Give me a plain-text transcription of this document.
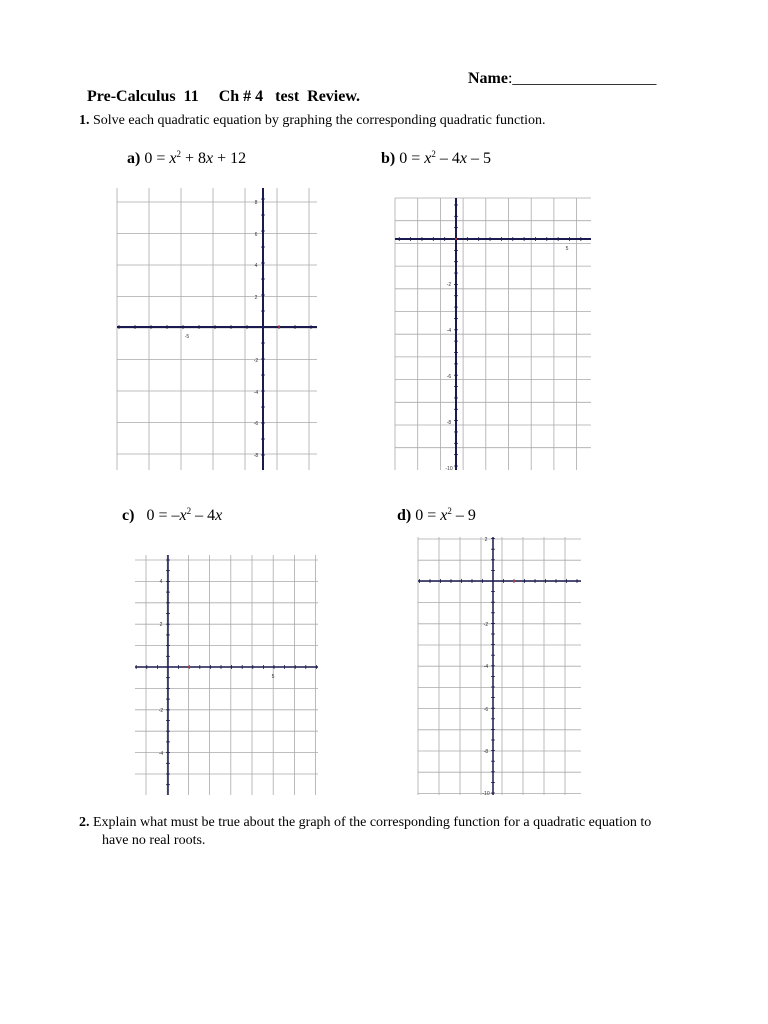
Pre-Calculus  11 Ch # 4 test  Review.

Name:__________________

1. Solve each quadratic equation by graphing the corresponding quadratic function.
a) $0 = x^2 + 8x + 12$	b) $0 = x^2 - 4x - 5$
c) $0 = -x^2 - 4x$	d) $0 = x^2 - 9$
8
6
4
2
-2
-4
-6
-8
-5
-2
-4
-6
-8
-10
5
4
2
-2
-4
5
2
-2
-4
-6
-8
-10
2. Explain what must be true about the graph of the corresponding function for a quadratic equation to
have no real roots.
